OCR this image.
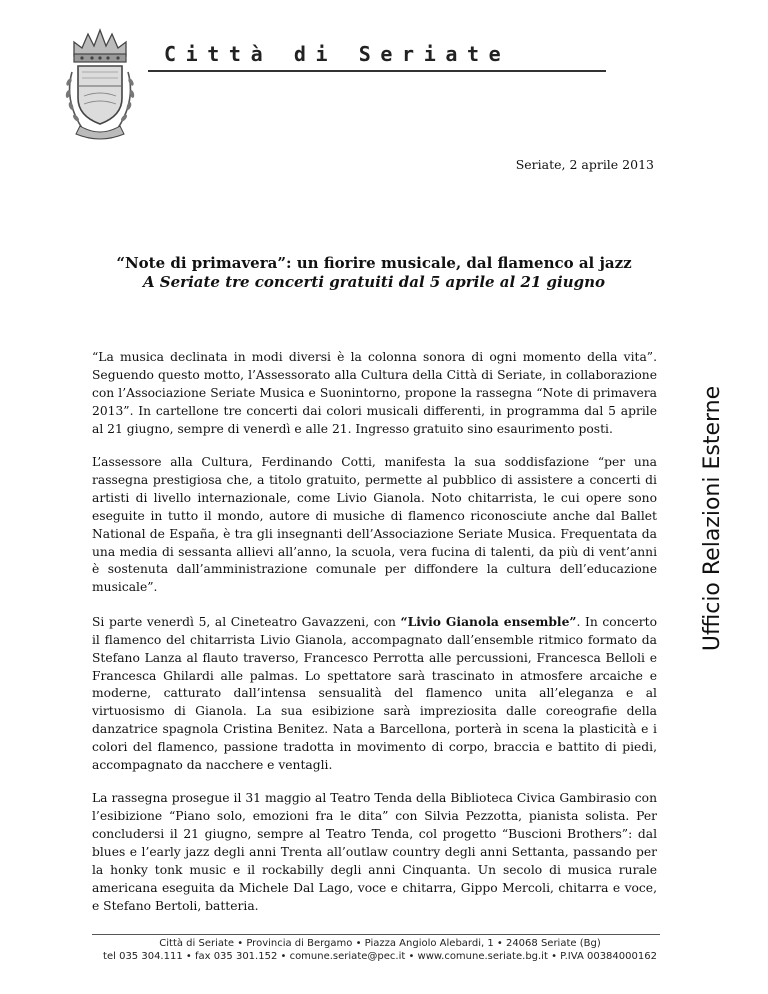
Città di Seriate
Seriate, 2 aprile 2013
“Note di primavera”: un fiorire musicale, dal flamenco al jazz
A Seriate tre concerti gratuiti dal 5 aprile al 21 giugno

“La musica declinata in modi diversi è la colonna sonora di ogni momento della vita”. Seguendo questo motto, l’Assessorato alla Cultura della Città di Seriate, in collaborazione con l’Associazione Seriate Musica e Suonintorno, propone la rassegna “Note di primavera 2013”. In cartellone tre concerti dai colori musicali differenti, in programma dal 5 aprile al 21 giugno, sempre di venerdì e alle 21. Ingresso gratuito sino esaurimento posti.

L’assessore alla Cultura, Ferdinando Cotti, manifesta la sua soddisfazione “per una rassegna prestigiosa che, a titolo gratuito, permette al pubblico di assistere a concerti di artisti di livello internazionale, come Livio Gianola. Noto chitarrista, le cui opere sono eseguite in tutto il mondo, autore di musiche di flamenco riconosciute anche dal Ballet National de España, è tra gli insegnanti dell’Associazione Seriate Musica. Frequentata da una media di sessanta allievi all’anno, la scuola, vera fucina di talenti, da più di vent’anni è sostenuta dall’amministrazione comunale per diffondere la cultura dell’educazione musicale”.

Si parte venerdì 5, al Cineteatro Gavazzeni, con “Livio Gianola ensemble”. In concerto il flamenco del chitarrista Livio Gianola, accompagnato dall’ensemble ritmico formato da Stefano Lanza al flauto traverso, Francesco Perrotta alle percussioni, Francesca Belloli e Francesca Ghilardi alle palmas. Lo spettatore sarà trascinato in atmosfere arcaiche e moderne, catturato dall’intensa sensualità del flamenco unita all’eleganza e al virtuosismo di Gianola. La sua esibizione sarà impreziosita dalle coreografie della danzatrice spagnola Cristina Benitez. Nata a Barcellona, porterà in scena la plasticità e i colori del flamenco, passione tradotta in movimento di corpo, braccia e battito di piedi, accompagnato da nacchere e ventagli.

La rassegna prosegue il 31 maggio al Teatro Tenda della Biblioteca Civica Gambirasio con l’esibizione “Piano solo, emozioni fra le dita” con Silvia Pezzotta, pianista solista. Per concludersi il 21 giugno, sempre al Teatro Tenda, col progetto “Buscioni Brothers”: dal blues e l’early jazz degli anni Trenta all’outlaw country degli anni Settanta, passando per la honky tonk music e il rockabilly degli anni Cinquanta. Un secolo di musica rurale americana eseguita da Michele Dal Lago, voce e chitarra, Gippo Mercoli, chitarra e voce, e Stefano Bertoli, batteria.

Ufficio Relazioni Esterne
Città di Seriate • Provincia di Bergamo • Piazza Angiolo Alebardi, 1 • 24068 Seriate (Bg)
tel 035 304.111 • fax 035 301.152 • comune.seriate@pec.it • www.comune.seriate.bg.it • P.IVA 00384000162
